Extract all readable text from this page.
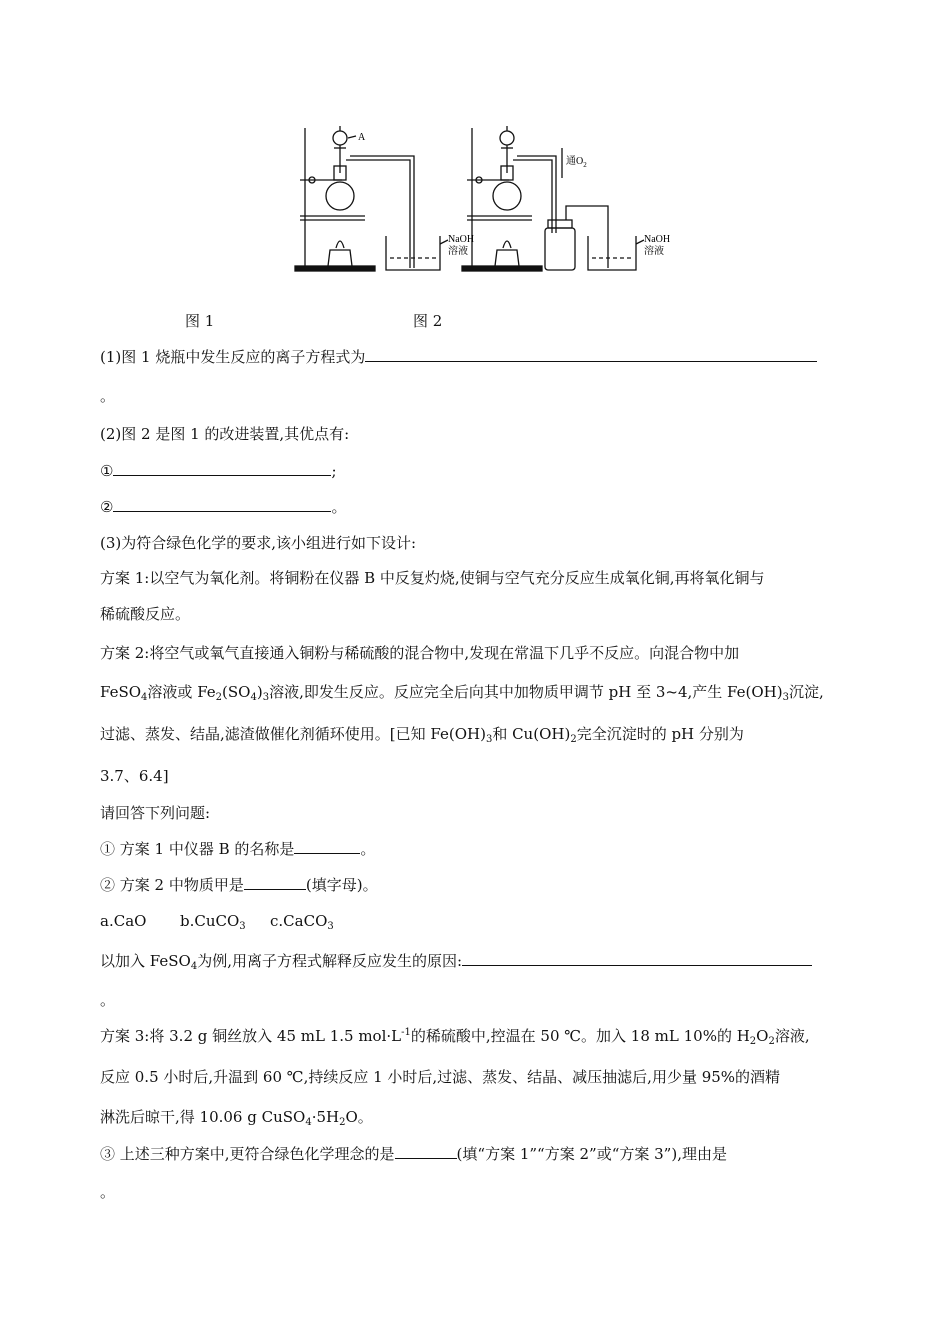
A
NaOH
溶液
通$O_2$
NaOH
溶液
图 1	图 2
(1)图 1 烧瓶中发生反应的离子方程式为
。
(2)图 2 是图 1 的改进装置,其优点有:
①	;
②	。
(3)为符合绿色化学的要求,该小组进行如下设计:
方案 1:以空气为氧化剂。将铜粉在仪器 B 中反复灼烧,使铜与空气充分反应生成氧化铜,再将氧化铜与
稀硫酸反应。
方案 2:将空气或氧气直接通入铜粉与稀硫酸的混合物中,发现在常温下几乎不反应。向混合物中加
FeSO$_4$溶液或 $Fe_2(SO_4)_3$溶液,即发生反应。反应完全后向其中加物质甲调节 pH 至 3~4,产生 $Fe(OH)_3$沉淀,
过滤、蒸发、结晶,滤渣做催化剂循环使用。[已知 $Fe(OH)_3$和 $Cu(OH)_2$完全沉淀时的 pH 分别为
3.7、6.4]
请回答下列问题:
① 方案 1 中仪器 B 的名称是	。
② 方案 2 中物质甲是	(填字母)。
a.CaO b.CuCO$_3$ c.CaCO$_3$
以加入 FeSO$_4$为例,用离子方程式解释反应发生的原因:
。
方案 3:将 3.2 g 铜丝放入 45 mL 1.5 $mol\cdot L^{-1}$的稀硫酸中,控温在 50 ℃。加入 18 mL 10%的 $H_2O_2$溶液,
反应 0.5 小时后,升温到 60 ℃,持续反应 1 小时后,过滤、蒸发、结晶、减压抽滤后,用少量 95%的酒精
淋洗后晾干,得 10.06 g $CuSO_4\cdot 5H_2O$。
③ 上述三种方案中,更符合绿色化学理念的是	(填“方案 1”“方案 2”或“方案 3”),理由是
。
